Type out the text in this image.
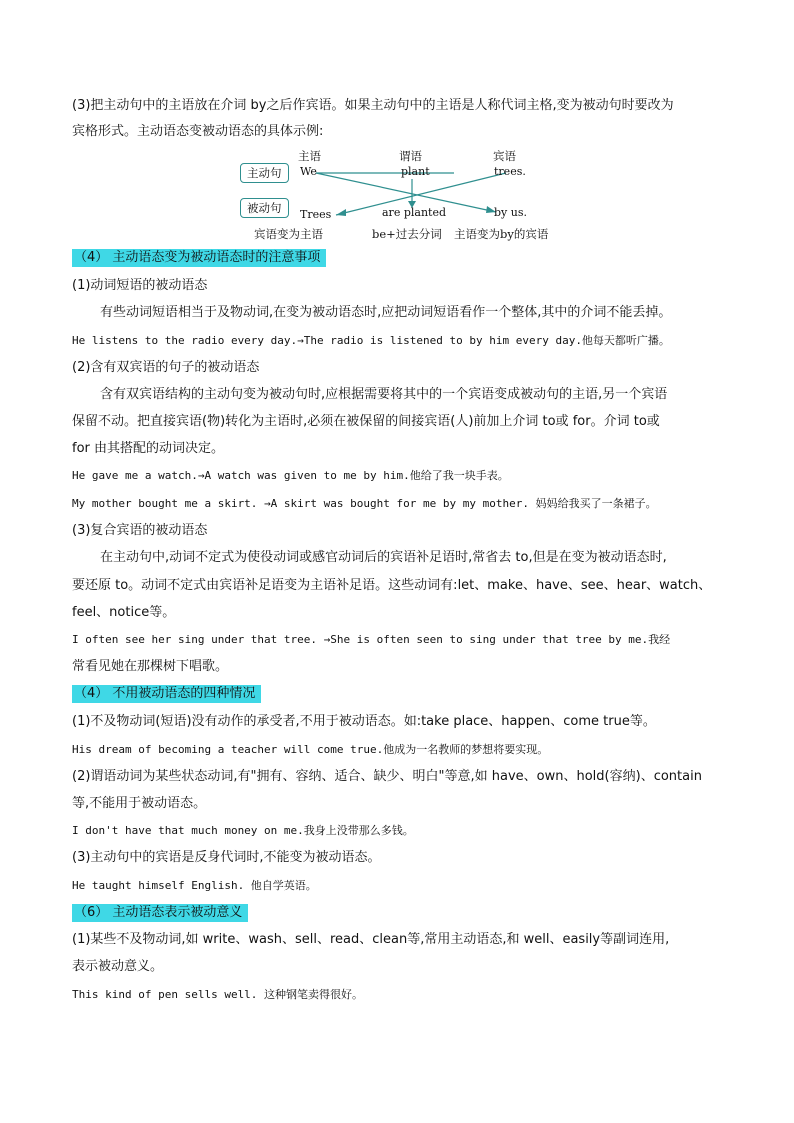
(3)把主动句中的主语放在介词 by之后作宾语。如果主动句中的主语是人称代词主格,变为被动句时要改为
宾格形式。主动语态变被动语态的具体示例:
主动句
被动句
主语	谓语	宾语
We	plant	trees.
Trees	are planted	by us.
宾语变为主语	be+过去分词 主语变为by的宾语
（4） 主动语态变为被动语态时的注意事项
(1)动词短语的被动语态
有些动词短语相当于及物动词,在变为被动语态时,应把动词短语看作一个整体,其中的介词不能丢掉。
He listens to the radio every day.→The radio is listened to by him every day.他每天都听广播。
(2)含有双宾语的句子的被动语态
含有双宾语结构的主动句变为被动句时,应根据需要将其中的一个宾语变成被动句的主语,另一个宾语
保留不动。把直接宾语(物)转化为主语时,必须在被保留的间接宾语(人)前加上介词 to或 for。介词 to或
for 由其搭配的动词决定。
He gave me a watch.→A watch was given to me by him.他给了我一块手表。
My mother bought me a skirt. →A skirt was bought for me by my mother. 妈妈给我买了一条裙子。
(3)复合宾语的被动语态
在主动句中,动词不定式为使役动词或感官动词后的宾语补足语时,常省去 to,但是在变为被动语态时,
要还原 to。动词不定式由宾语补足语变为主语补足语。这些动词有:let、make、have、see、hear、watch、
feel、notice等。
I often see her sing under that tree. →She is often seen to sing under that tree by me.我经
常看见她在那棵树下唱歌。
（4） 不用被动语态的四种情况
(1)不及物动词(短语)没有动作的承受者,不用于被动语态。如:take place、happen、come true等。
His dream of becoming a teacher will come true.他成为一名教师的梦想将要实现。
(2)谓语动词为某些状态动词,有"拥有、容纳、适合、缺少、明白"等意,如 have、own、hold(容纳)、contain
等,不能用于被动语态。
I don't have that much money on me.我身上没带那么多钱。
(3)主动句中的宾语是反身代词时,不能变为被动语态。
He taught himself English. 他自学英语。
（6） 主动语态表示被动意义
(1)某些不及物动词,如 write、wash、sell、read、clean等,常用主动语态,和 well、easily等副词连用,
表示被动意义。
This kind of pen sells well. 这种钢笔卖得很好。
